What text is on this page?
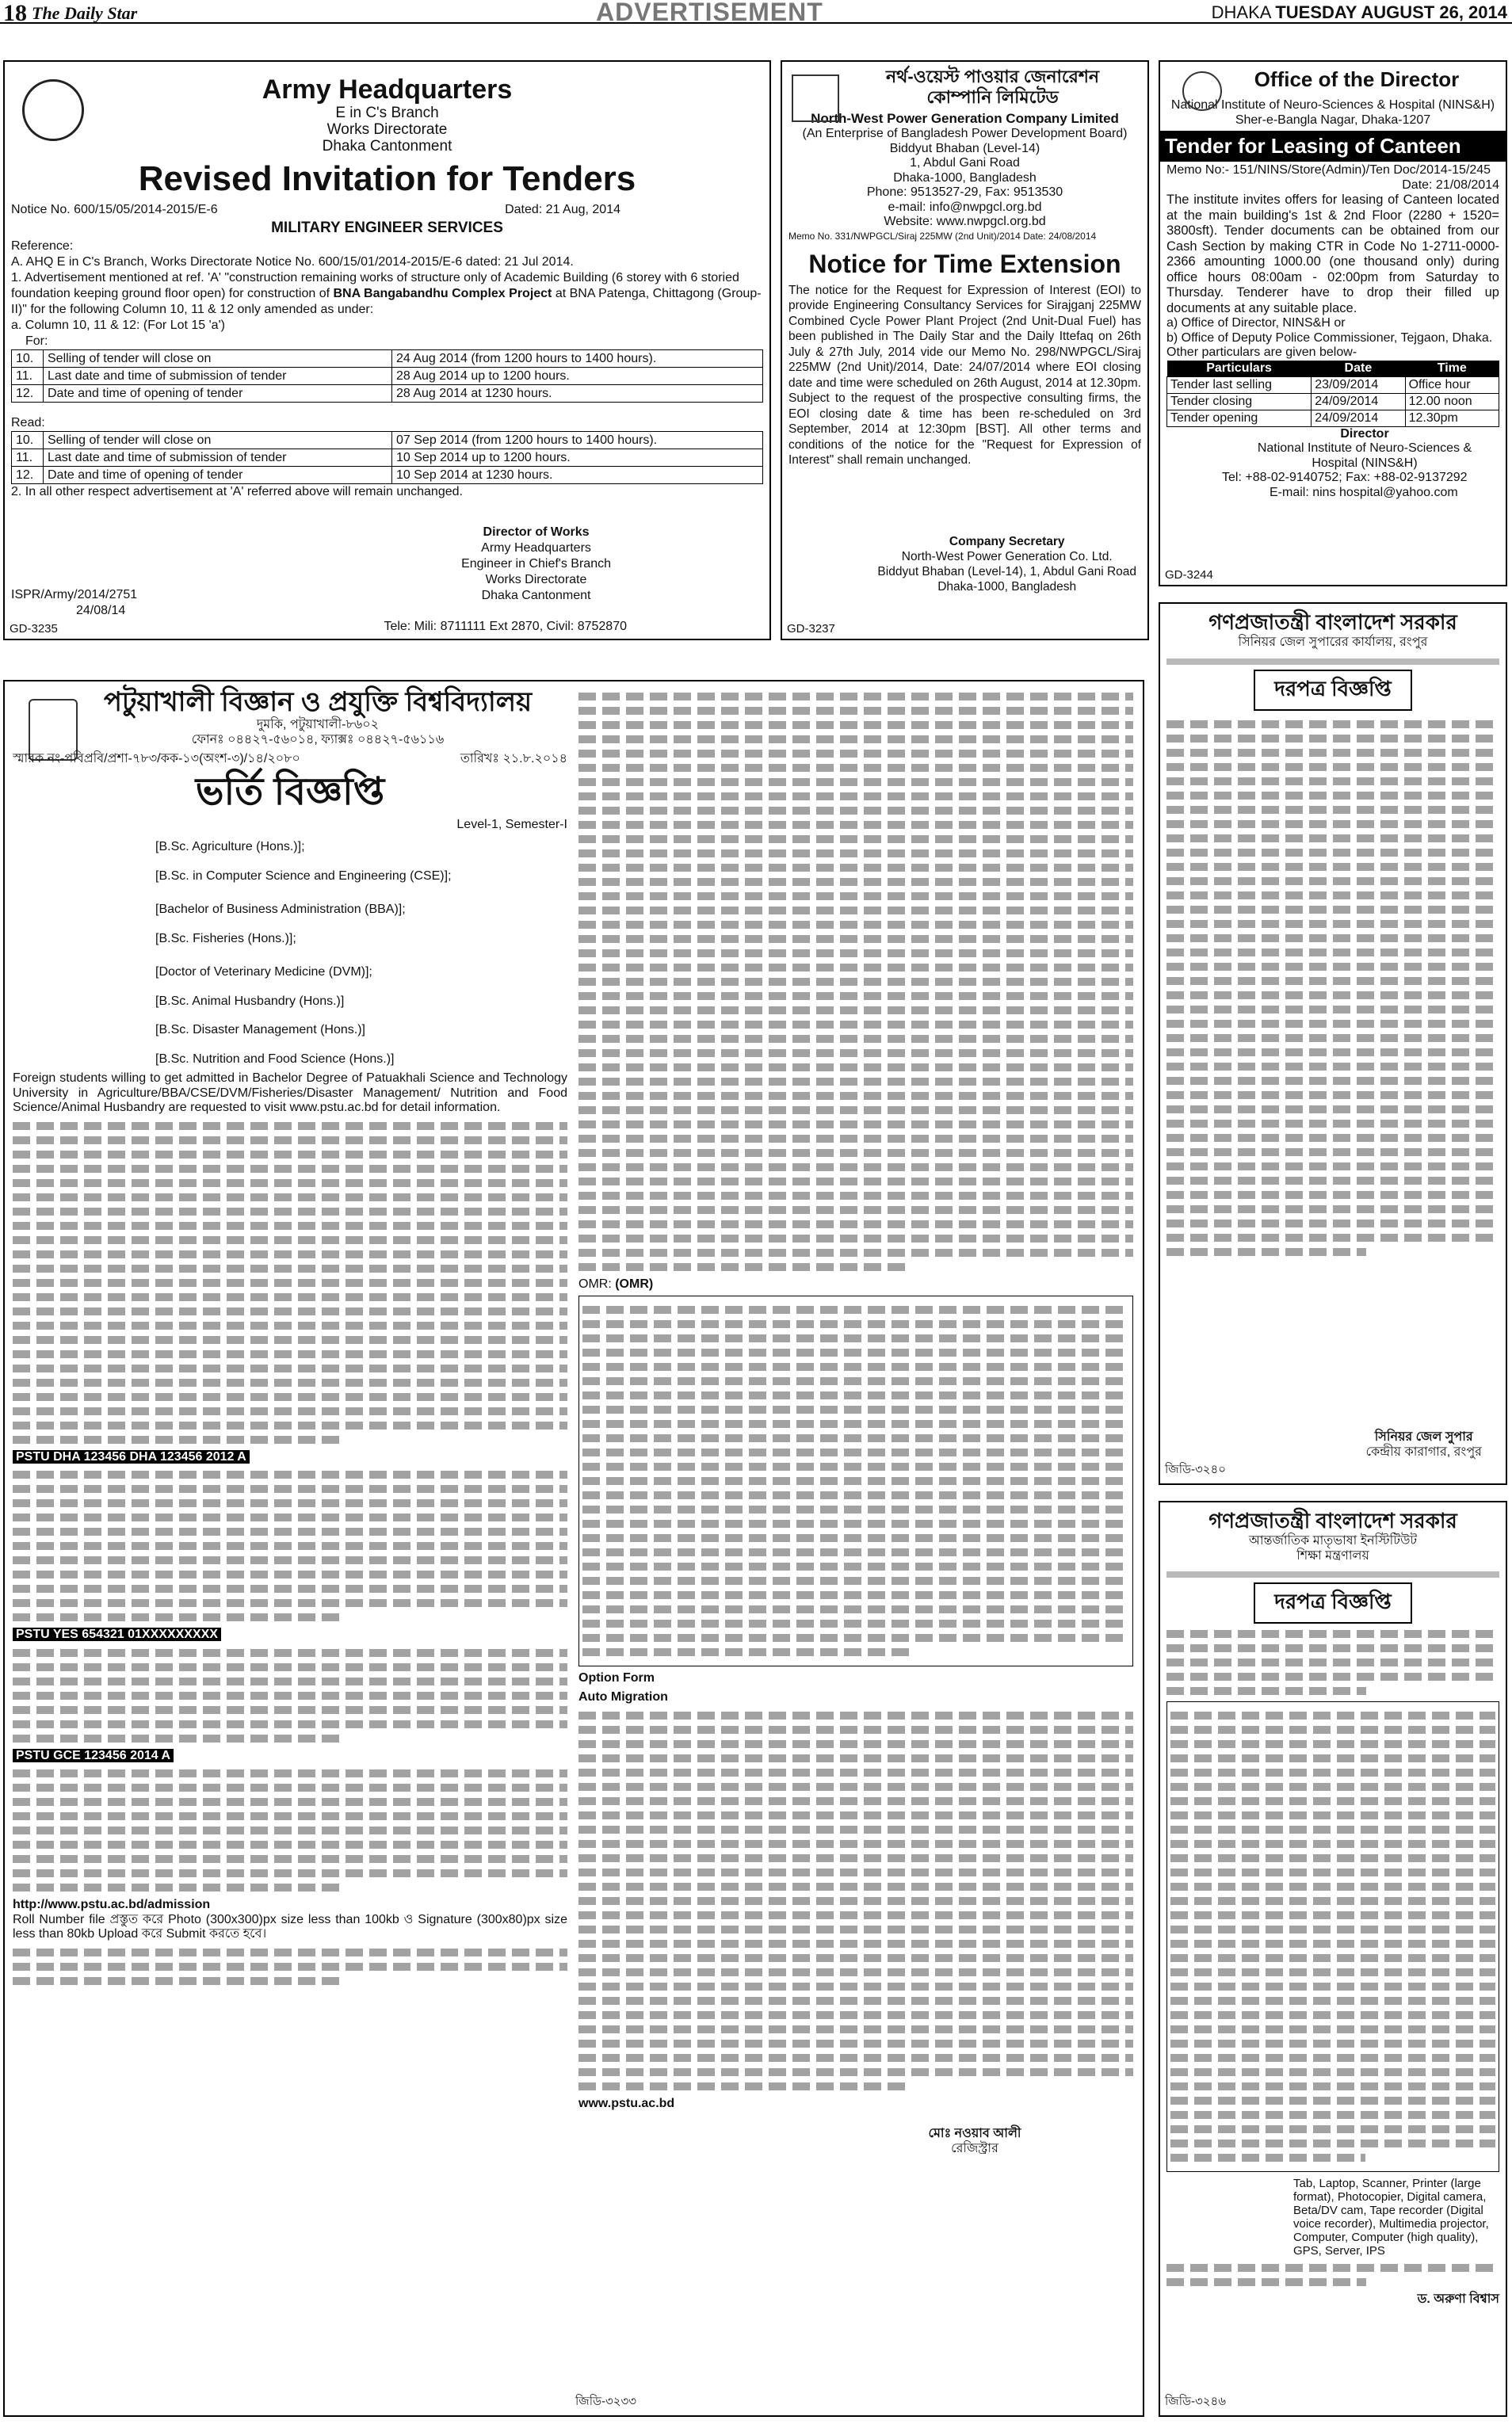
18 The Daily Star	ADVERTISEMENT	DHAKA TUESDAY AUGUST 26, 2014
Army Headquarters
E in C's Branch
Works Directorate
Dhaka Cantonment
Revised Invitation for Tenders
Notice No. 600/15/05/2014-2015/E-6	Dated: 21 Aug, 2014
MILITARY ENGINEER SERVICES
Reference:
A. AHQ E in C's Branch, Works Directorate Notice No. 600/15/01/2014-2015/E-6 dated: 21 Jul 2014.
1. Advertisement mentioned at ref. 'A' "construction remaining works of structure only of Academic Building (6 storey with 6 storied foundation keeping ground floor open) for construction of BNA Bangabandhu Complex Project at BNA Patenga, Chittagong (Group-II)" for the following Column 10, 11 & 12 only amended as under:
a. Column 10, 11 & 12: (For Lot 15 'a')
For:
10.	Selling of tender will close on	24 Aug 2014 (from 1200 hours to 1400 hours).
11.	Last date and time of submission of tender	28 Aug 2014 up to 1200 hours.
12.	Date and time of opening of tender	28 Aug 2014 at 1230 hours.
Read:
10.	Selling of tender will close on	07 Sep 2014 (from 1200 hours to 1400 hours).
11.	Last date and time of submission of tender	10 Sep 2014 up to 1200 hours.
12.	Date and time of opening of tender	10 Sep 2014 at 1230 hours.
2. In all other respect advertisement at 'A' referred above will remain unchanged.
Director of Works
Army Headquarters
Engineer in Chief's Branch
Works Directorate
Dhaka Cantonment
ISPR/Army/2014/2751
24/08/14
Tele: Mili: 8711111 Ext 2870, Civil: 8752870
GD-3235
নর্থ-ওয়েস্ট পাওয়ার জেনারেশন
কোম্পানি লিমিটেড
North-West Power Generation Company Limited
(An Enterprise of Bangladesh Power Development Board)
Biddyut Bhaban (Level-14)
1, Abdul Gani Road
Dhaka-1000, Bangladesh
Phone: 9513527-29, Fax: 9513530
e-mail: info@nwpgcl.org.bd
Website: www.nwpgcl.org.bd
Memo No. 331/NWPGCL/Siraj 225MW (2nd Unit)/2014 Date: 24/08/2014
Notice for Time Extension
The notice for the Request for Expression of Interest (EOI) to provide Engineering Consultancy Services for Sirajganj 225MW Combined Cycle Power Plant Project (2nd Unit-Dual Fuel) has been published in The Daily Star and the Daily Ittefaq on 26th July & 27th July, 2014 vide our Memo No. 298/NWPGCL/Siraj 225MW (2nd Unit)/2014, Date: 24/07/2014 where EOI closing date and time were scheduled on 26th August, 2014 at 12.30pm. Subject to the request of the prospective consulting firms, the EOI closing date & time has been re-scheduled on 3rd September, 2014 at 12:30pm [BST]. All other terms and conditions of the notice for the "Request for Expression of Interest" shall remain unchanged.
Company Secretary
North-West Power Generation Co. Ltd.
Biddyut Bhaban (Level-14), 1, Abdul Gani Road
Dhaka-1000, Bangladesh
GD-3237
Office of the Director
National Institute of Neuro-Sciences & Hospital (NINS&H)
Sher-e-Bangla Nagar, Dhaka-1207
Tender for Leasing of Canteen
Memo No:- 151/NINS/Store(Admin)/Ten Doc/2014-15/245
Date: 21/08/2014
The institute invites offers for leasing of Canteen located at the main building's 1st & 2nd Floor (2280 + 1520= 3800sft). Tender documents can be obtained from our Cash Section by making CTR in Code No 1-2711-0000-2366 amounting 1000.00 (one thousand only) during office hours 08:00am - 02:00pm from Saturday to Thursday. Tenderer have to drop their filled up documents at any suitable place.
a) Office of Director, NINS&H or
b) Office of Deputy Police Commissioner, Tejgaon, Dhaka.
Other particulars are given below-
Particulars	Date	Time
Tender last selling	23/09/2014	Office hour
Tender closing	24/09/2014	12.00 noon
Tender opening	24/09/2014	12.30pm
Director
National Institute of Neuro-Sciences &
Hospital (NINS&H)
Tel: +88-02-9140752; Fax: +88-02-9137292
E-mail: nins hospital@yahoo.com
GD-3244
পটুয়াখালী বিজ্ঞান ও প্রযুক্তি বিশ্ববিদ্যালয়
দুমকি, পটুয়াখালী-৮৬০২
ফোনঃ ০৪৪২৭-৫৬০১৪, ফ্যাক্সঃ ০৪৪২৭-৫৬১১৬
স্মারক নং-পবিপ্রবি/প্রশা-৭৮৩/কক-১৩(অংশ-৩)/১৪/২০৮০	তারিখঃ ২১.৮.২০১৪
ভর্তি বিজ্ঞপ্তি
Level-1, Semester-I
[B.Sc. Agriculture (Hons.)];
[B.Sc. in Computer Science and Engineering (CSE)];
[Bachelor of Business Administration (BBA)];
[B.Sc. Fisheries (Hons.)];
[Doctor of Veterinary Medicine (DVM)];
[B.Sc. Animal Husbandry (Hons.)]
[B.Sc. Disaster Management (Hons.)]
[B.Sc. Nutrition and Food Science (Hons.)]
Foreign students willing to get admitted in Bachelor Degree of Patuakhali Science and Technology University in Agriculture/BBA/CSE/DVM/Fisheries/Disaster Management/ Nutrition and Food Science/Animal Husbandry are requested to visit www.pstu.ac.bd for detail information.
PSTU DHA 123456 DHA 123456 2012 A
PSTU YES 654321 01XXXXXXXXX
PSTU GCE 123456 2014 A
http://www.pstu.ac.bd/admission
Roll Number file প্রস্তুত করে Photo (300x300)px size less than 100kb ও Signature (300x80)px size less than 80kb Upload করে Submit করতে হবে।
OMR: (OMR)
Option Form
Auto Migration
www.pstu.ac.bd
মোঃ নওয়াব আলী
রেজিস্ট্রার
জিডি-৩২৩৩
গণপ্রজাতন্ত্রী বাংলাদেশ সরকার
সিনিয়র জেল সুপারের কার্যালয়, রংপুর
দরপত্র বিজ্ঞপ্তি
সিনিয়র জেল সুপার
কেন্দ্রীয় কারাগার, রংপুর
জিডি-৩২৪০
গণপ্রজাতন্ত্রী বাংলাদেশ সরকার
আন্তর্জাতিক মাতৃভাষা ইনস্টিটিউট
শিক্ষা মন্ত্রণালয়
দরপত্র বিজ্ঞপ্তি
Tab, Laptop, Scanner, Printer (large format), Photocopier, Digital camera, Beta/DV cam, Tape recorder (Digital voice recorder), Multimedia projector, Computer, Computer (high quality), GPS, Server, IPS
ড. অরুণা বিশ্বাস
জিডি-৩২৪৬
